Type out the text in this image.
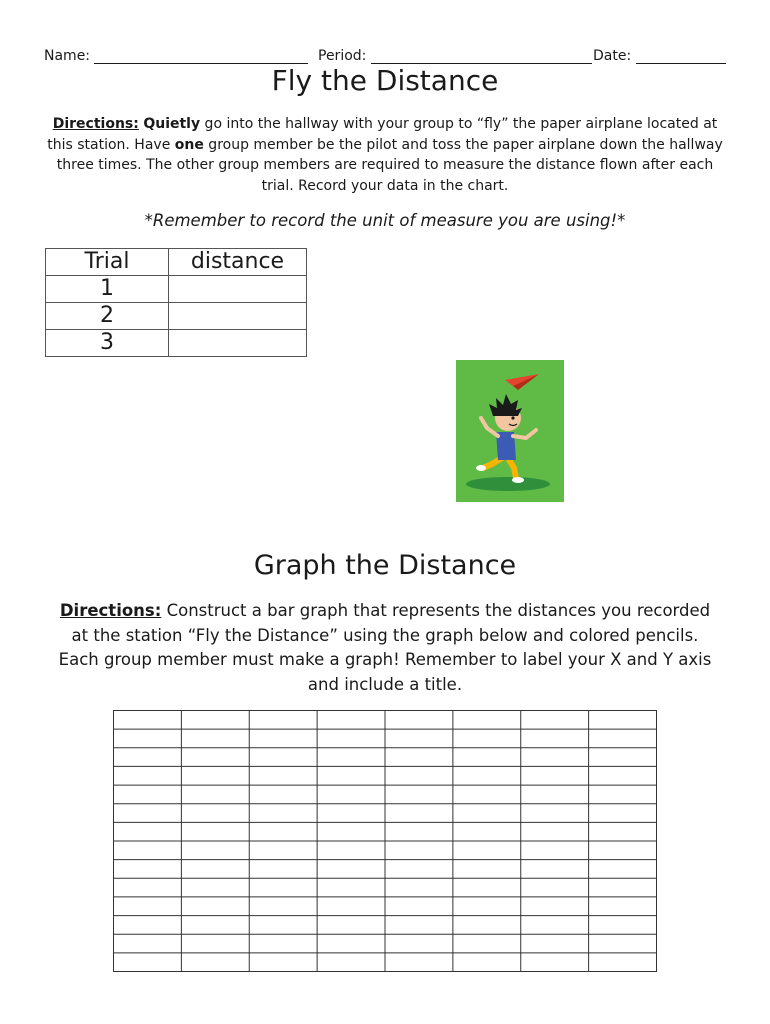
Name:	Period:	Date:
Fly the Distance

Directions: Quietly go into the hallway with your group to “fly” the paper airplane located at this station. Have one group member be the pilot and toss the paper airplane down the hallway three times. The other group members are required to measure the distance flown after each trial. Record your data in the chart.

*Remember to record the unit of measure you are using!*

Trial	distance
1	
2	
3	
Graph the Distance

Directions: Construct a bar graph that represents the distances you recorded at the station “Fly the Distance” using the graph below and colored pencils. Each group member must make a graph! Remember to label your X and Y axis and include a title.
